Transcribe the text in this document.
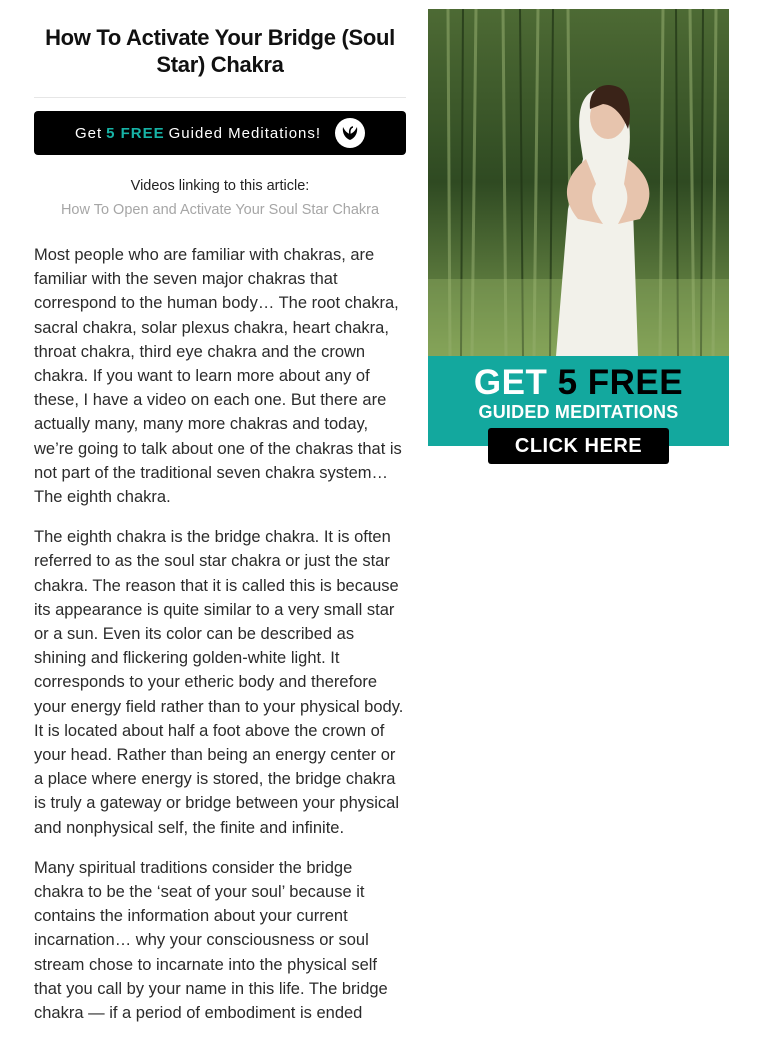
How To Activate Your Bridge (Soul Star) Chakra
Get 5 FREE Guided Meditations!
Videos linking to this article:
How To Open and Activate Your Soul Star Chakra

Most people who are familiar with chakras, are familiar with the seven major chakras that correspond to the human body… The root chakra, sacral chakra, solar plexus chakra, heart chakra, throat chakra, third eye chakra and the crown chakra. If you want to learn more about any of these, I have a video on each one. But there are actually many, many more chakras and today, we’re going to talk about one of the chakras that is not part of the traditional seven chakra system… The eighth chakra.

The eighth chakra is the bridge chakra. It is often referred to as the soul star chakra or just the star chakra. The reason that it is called this is because its appearance is quite similar to a very small star or a sun. Even its color can be described as shining and flickering golden-white light. It corresponds to your etheric body and therefore your energy field rather than to your physical body. It is located about half a foot above the crown of your head. Rather than being an energy center or a place where energy is stored, the bridge chakra is truly a gateway or bridge between your physical and nonphysical self, the finite and infinite.

Many spiritual traditions consider the bridge chakra to be the ‘seat of your soul’ because it contains the information about your current incarnation… why your consciousness or soul stream chose to incarnate into the physical self that you call by your name in this life. The bridge chakra — if a period of embodiment is ended

GET 5 FREE
GUIDED MEDITATIONS
CLICK HERE
